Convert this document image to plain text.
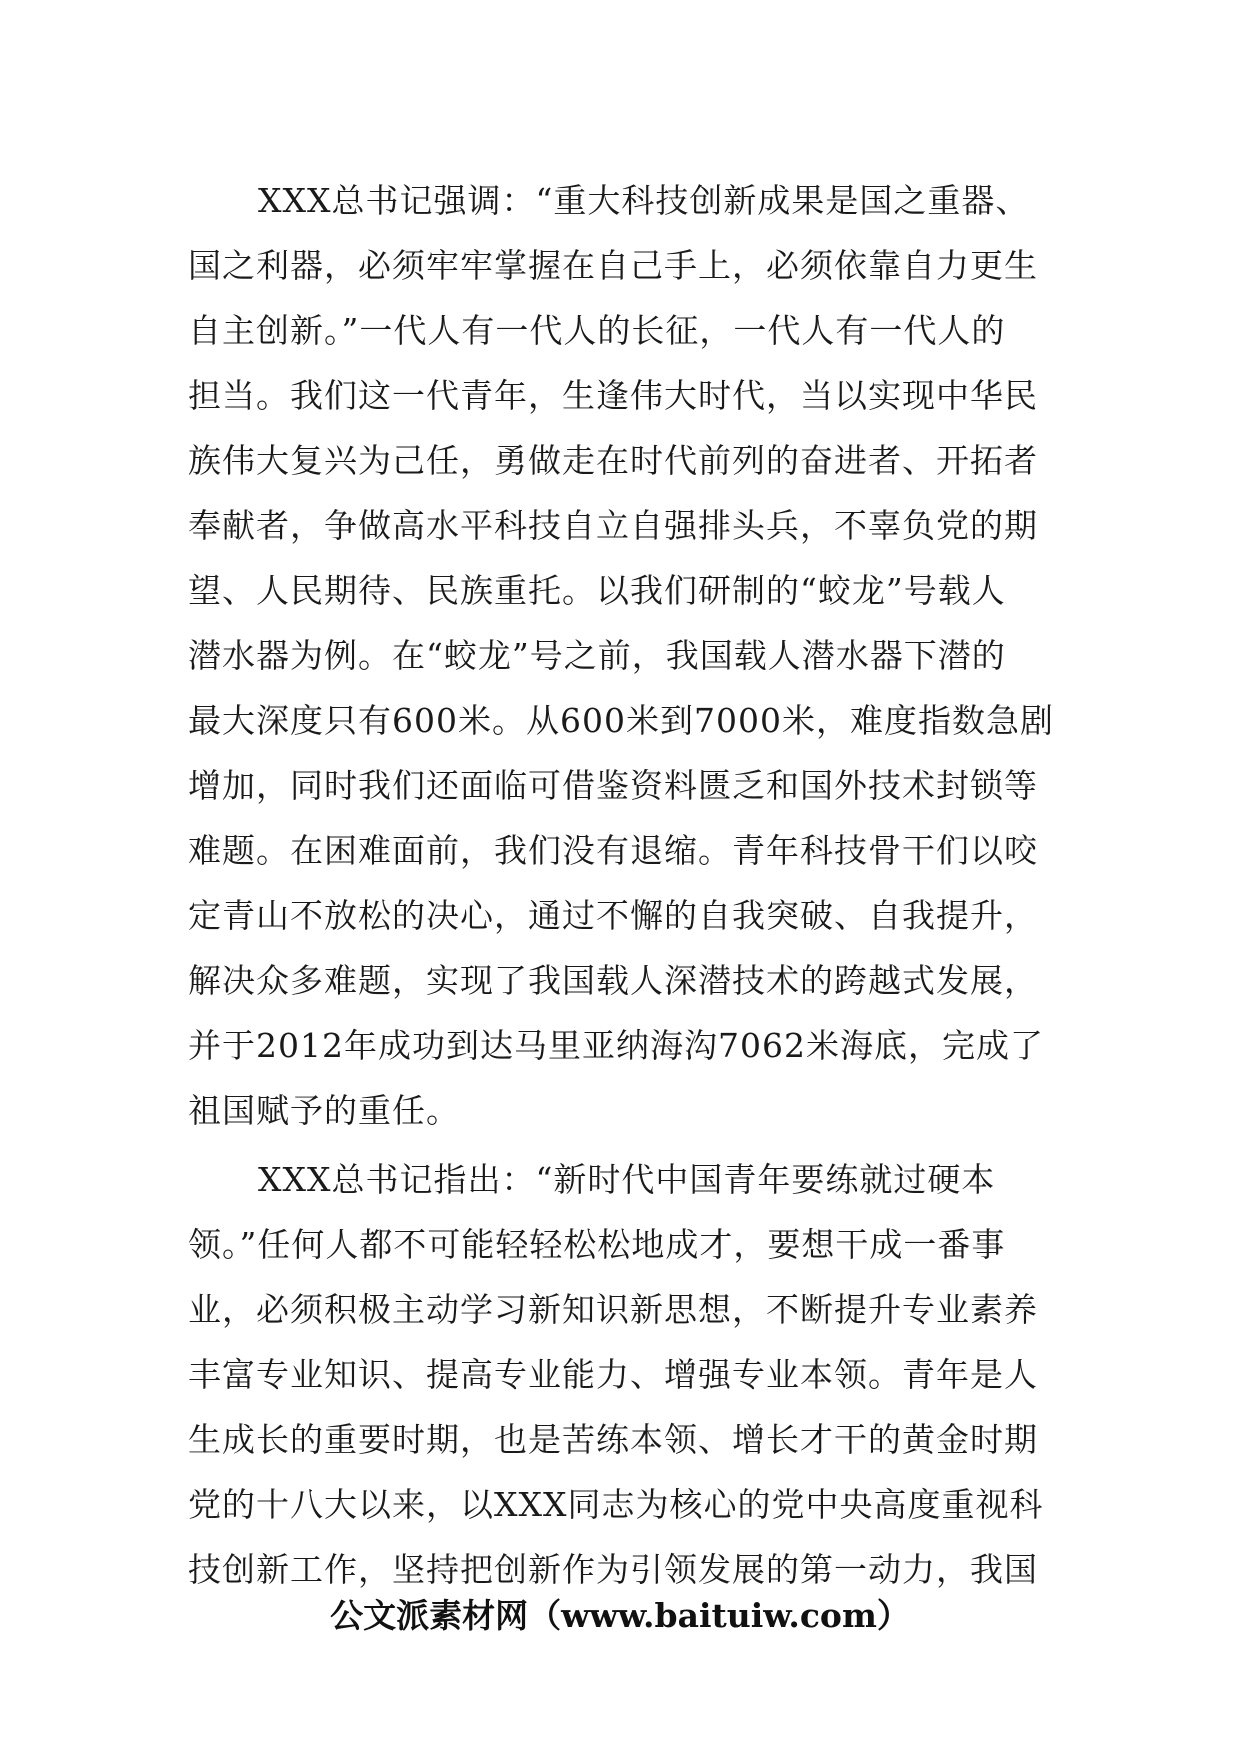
XXX总书记强调：“重大科技创新成果是国之重器、
国之利器，必须牢牢掌握在自己手上，必须依靠自力更生
自主创新。”一代人有一代人的长征，一代人有一代人的
担当。我们这一代青年，生逢伟大时代，当以实现中华民
族伟大复兴为己任，勇做走在时代前列的奋进者、开拓者
奉献者，争做高水平科技自立自强排头兵，不辜负党的期
望、人民期待、民族重托。以我们研制的“蛟龙”号载人
潜水器为例。在“蛟龙”号之前，我国载人潜水器下潜的
最大深度只有600米。从600米到7000米，难度指数急剧
增加，同时我们还面临可借鉴资料匮乏和国外技术封锁等
难题。在困难面前，我们没有退缩。青年科技骨干们以咬
定青山不放松的决心，通过不懈的自我突破、自我提升，
解决众多难题，实现了我国载人深潜技术的跨越式发展，
并于2012年成功到达马里亚纳海沟7062米海底，完成了
祖国赋予的重任。
XXX总书记指出：“新时代中国青年要练就过硬本
领。”任何人都不可能轻轻松松地成才，要想干成一番事
业，必须积极主动学习新知识新思想，不断提升专业素养
丰富专业知识、提高专业能力、增强专业本领。青年是人
生成长的重要时期，也是苦练本领、增长才干的黄金时期
党的十八大以来，以XXX同志为核心的党中央高度重视科
技创新工作，坚持把创新作为引领发展的第一动力，我国
公文派素材网（www.baituiw.com）
